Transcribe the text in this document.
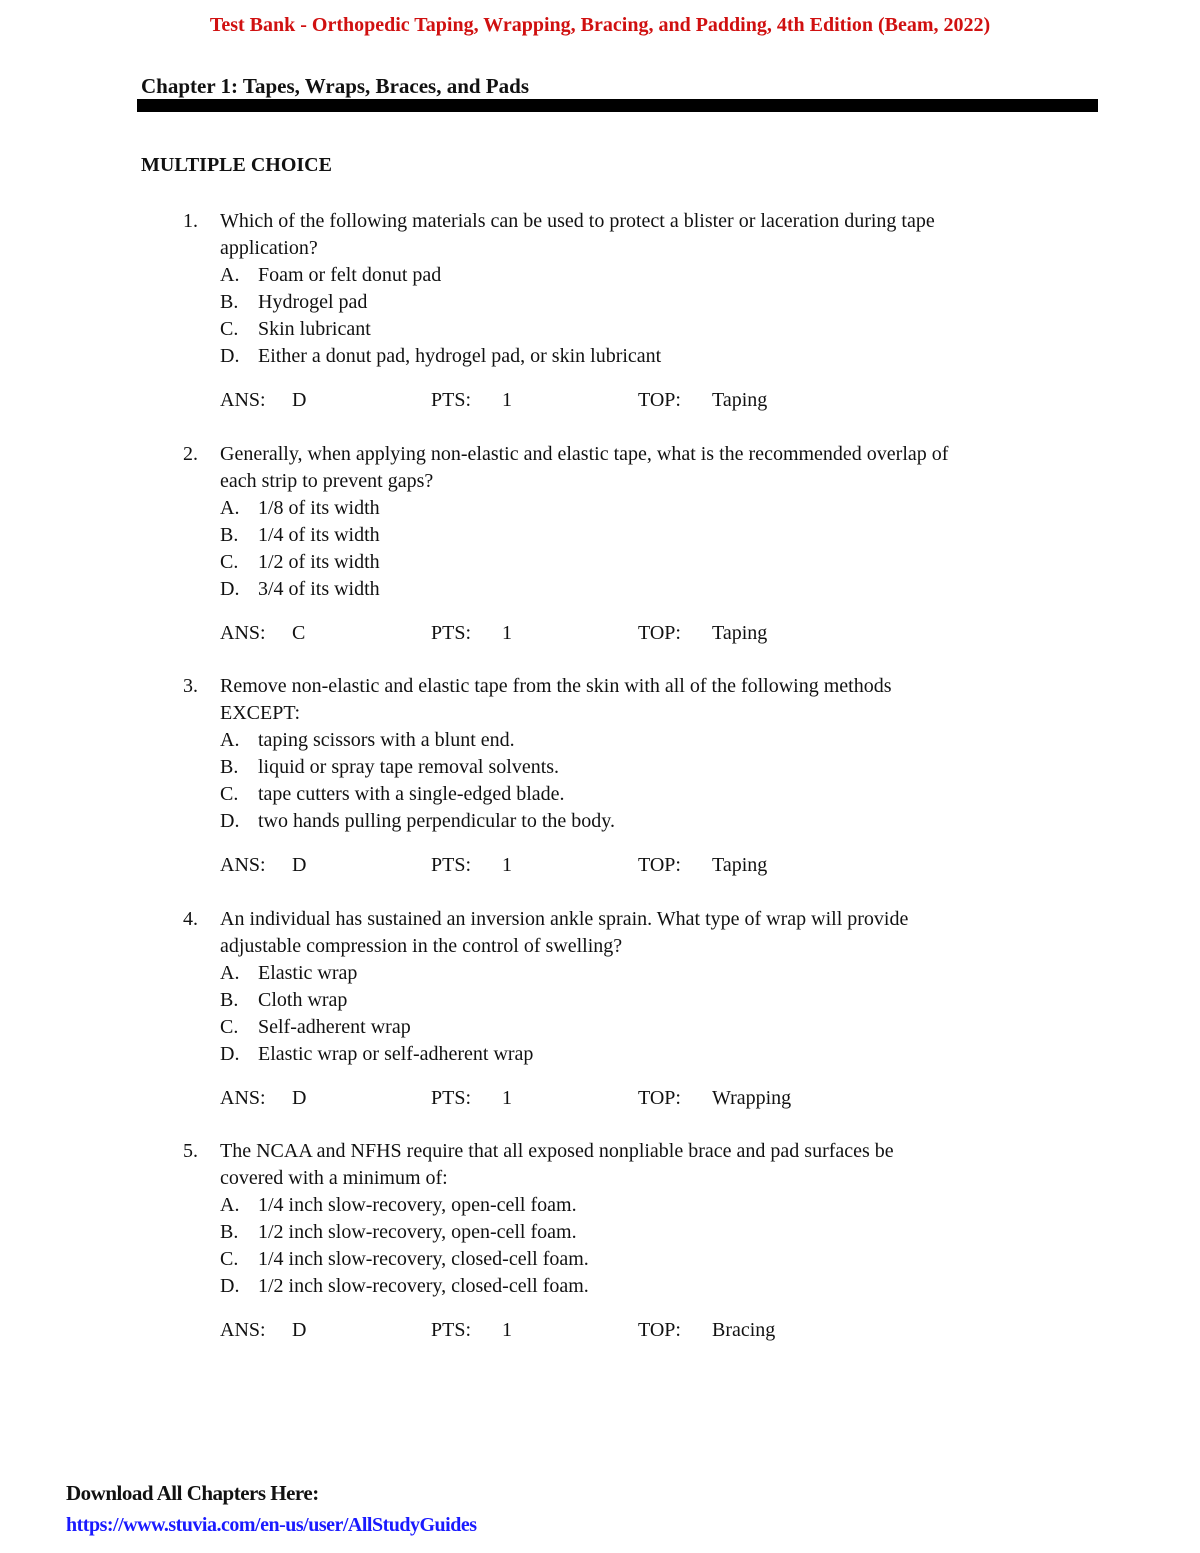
Test Bank - Orthopedic Taping, Wrapping, Bracing, and Padding, 4th Edition (Beam, 2022)
Chapter 1: Tapes, Wraps, Braces, and Pads
MULTIPLE CHOICE
1. Which of the following materials can be used to protect a blister or laceration during tape
application?
A. Foam or felt donut pad
B. Hydrogel pad
C. Skin lubricant
D. Either a donut pad, hydrogel pad, or skin lubricant
ANS: D	PTS: 1	TOP: Taping
2. Generally, when applying non-elastic and elastic tape, what is the recommended overlap of
each strip to prevent gaps?
A. 1/8 of its width
B. 1/4 of its width
C. 1/2 of its width
D. 3/4 of its width
ANS: C	PTS: 1	TOP: Taping
3. Remove non-elastic and elastic tape from the skin with all of the following methods
EXCEPT:
A. taping scissors with a blunt end.
B. liquid or spray tape removal solvents.
C. tape cutters with a single-edged blade.
D. two hands pulling perpendicular to the body.
ANS: D	PTS: 1	TOP: Taping
4. An individual has sustained an inversion ankle sprain. What type of wrap will provide
adjustable compression in the control of swelling?
A. Elastic wrap
B. Cloth wrap
C. Self-adherent wrap
D. Elastic wrap or self-adherent wrap
ANS: D	PTS: 1	TOP: Wrapping
5. The NCAA and NFHS require that all exposed nonpliable brace and pad surfaces be
covered with a minimum of:
A. 1/4 inch slow-recovery, open-cell foam.
B. 1/2 inch slow-recovery, open-cell foam.
C. 1/4 inch slow-recovery, closed-cell foam.
D. 1/2 inch slow-recovery, closed-cell foam.
ANS: D	PTS: 1	TOP: Bracing
Download All Chapters Here:
https://www.stuvia.com/en-us/user/AllStudyGuides
